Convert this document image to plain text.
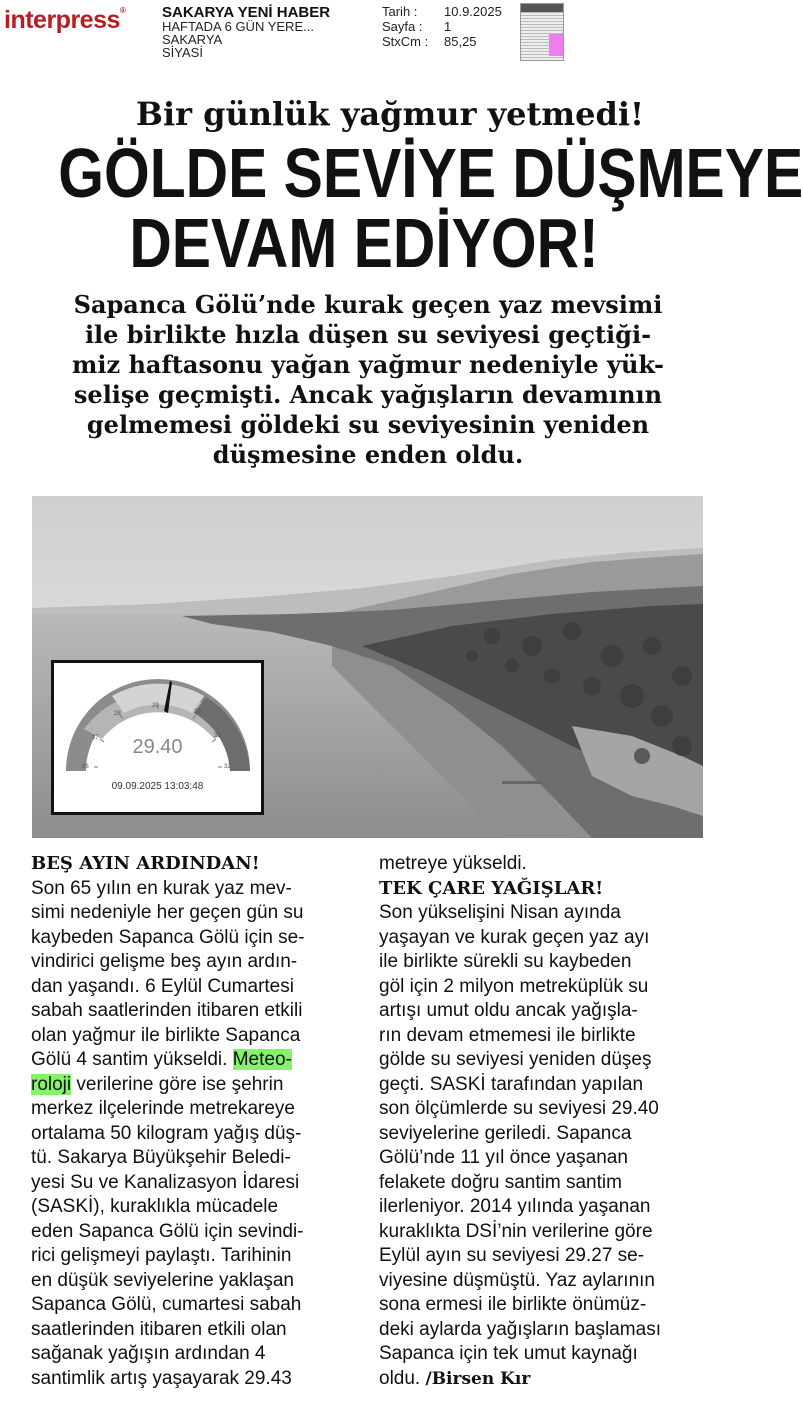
interpress® SAKARYA YENİ HABER
HAFTADA 6 GÜN YERE...
SAKARYA
SİYASİ
Tarih :	10.9.2025
Sayfa :	1
StxCm :	85,25
Bir günlük yağmur yetmedi!
GÖLDE SEVİYE DÜŞMEYE
DEVAM EDİYOR!
Sapanca Gölü’nde kurak geçen yaz mevsimi
ile birlikte hızla düşen su seviyesi geçtiği-
miz haftasonu yağan yağmur nedeniyle yük-
selişe geçmişti. Ancak yağışların devamının
gelmemesi göldeki su seviyesinin yeniden
düşmesine enden oldu.
26
27
28
29
30
31
32
29.40
09.09.2025 13:03:48
BEŞ AYIN ARDINDAN!
Son 65 yılın en kurak yaz mev-
simi nedeniyle her geçen gün su
kaybeden Sapanca Gölü için se-
vindirici gelişme beş ayın ardın-
dan yaşandı. 6 Eylül Cumartesi
sabah saatlerinden itibaren etkili
olan yağmur ile birlikte Sapanca
Gölü 4 santim yükseldi. Meteo-
roloji verilerine göre ise şehrin
merkez ilçelerinde metrekareye
ortalama 50 kilogram yağış düş-
tü. Sakarya Büyükşehir Beledi-
yesi Su ve Kanalizasyon İdaresi
(SASKİ), kuraklıkla mücadele
eden Sapanca Gölü için sevindi-
rici gelişmeyi paylaştı. Tarihinin
en düşük seviyelerine yaklaşan
Sapanca Gölü, cumartesi sabah
saatlerinden itibaren etkili olan
sağanak yağışın ardından 4
santimlik artış yaşayarak 29.43
metreye yükseldi.
TEK ÇARE YAĞIŞLAR!
Son yükselişini Nisan ayında
yaşayan ve kurak geçen yaz ayı
ile birlikte sürekli su kaybeden
göl için 2 milyon metreküplük su
artışı umut oldu ancak yağışla-
rın devam etmemesi ile birlikte
gölde su seviyesi yeniden düşeş
geçti. SASKİ tarafından yapılan
son ölçümlerde su seviyesi 29.40
seviyelerine geriledi. Sapanca
Gölü’nde 11 yıl önce yaşanan
felakete doğru santim santim
ilerleniyor. 2014 yılında yaşanan
kuraklıkta DSİ’nin verilerine göre
Eylül ayın su seviyesi 29.27 se-
viyesine düşmüştü. Yaz aylarının
sona ermesi ile birlikte önümüz-
deki aylarda yağışların başlaması
Sapanca için tek umut kaynağı
oldu. /Birsen Kır
